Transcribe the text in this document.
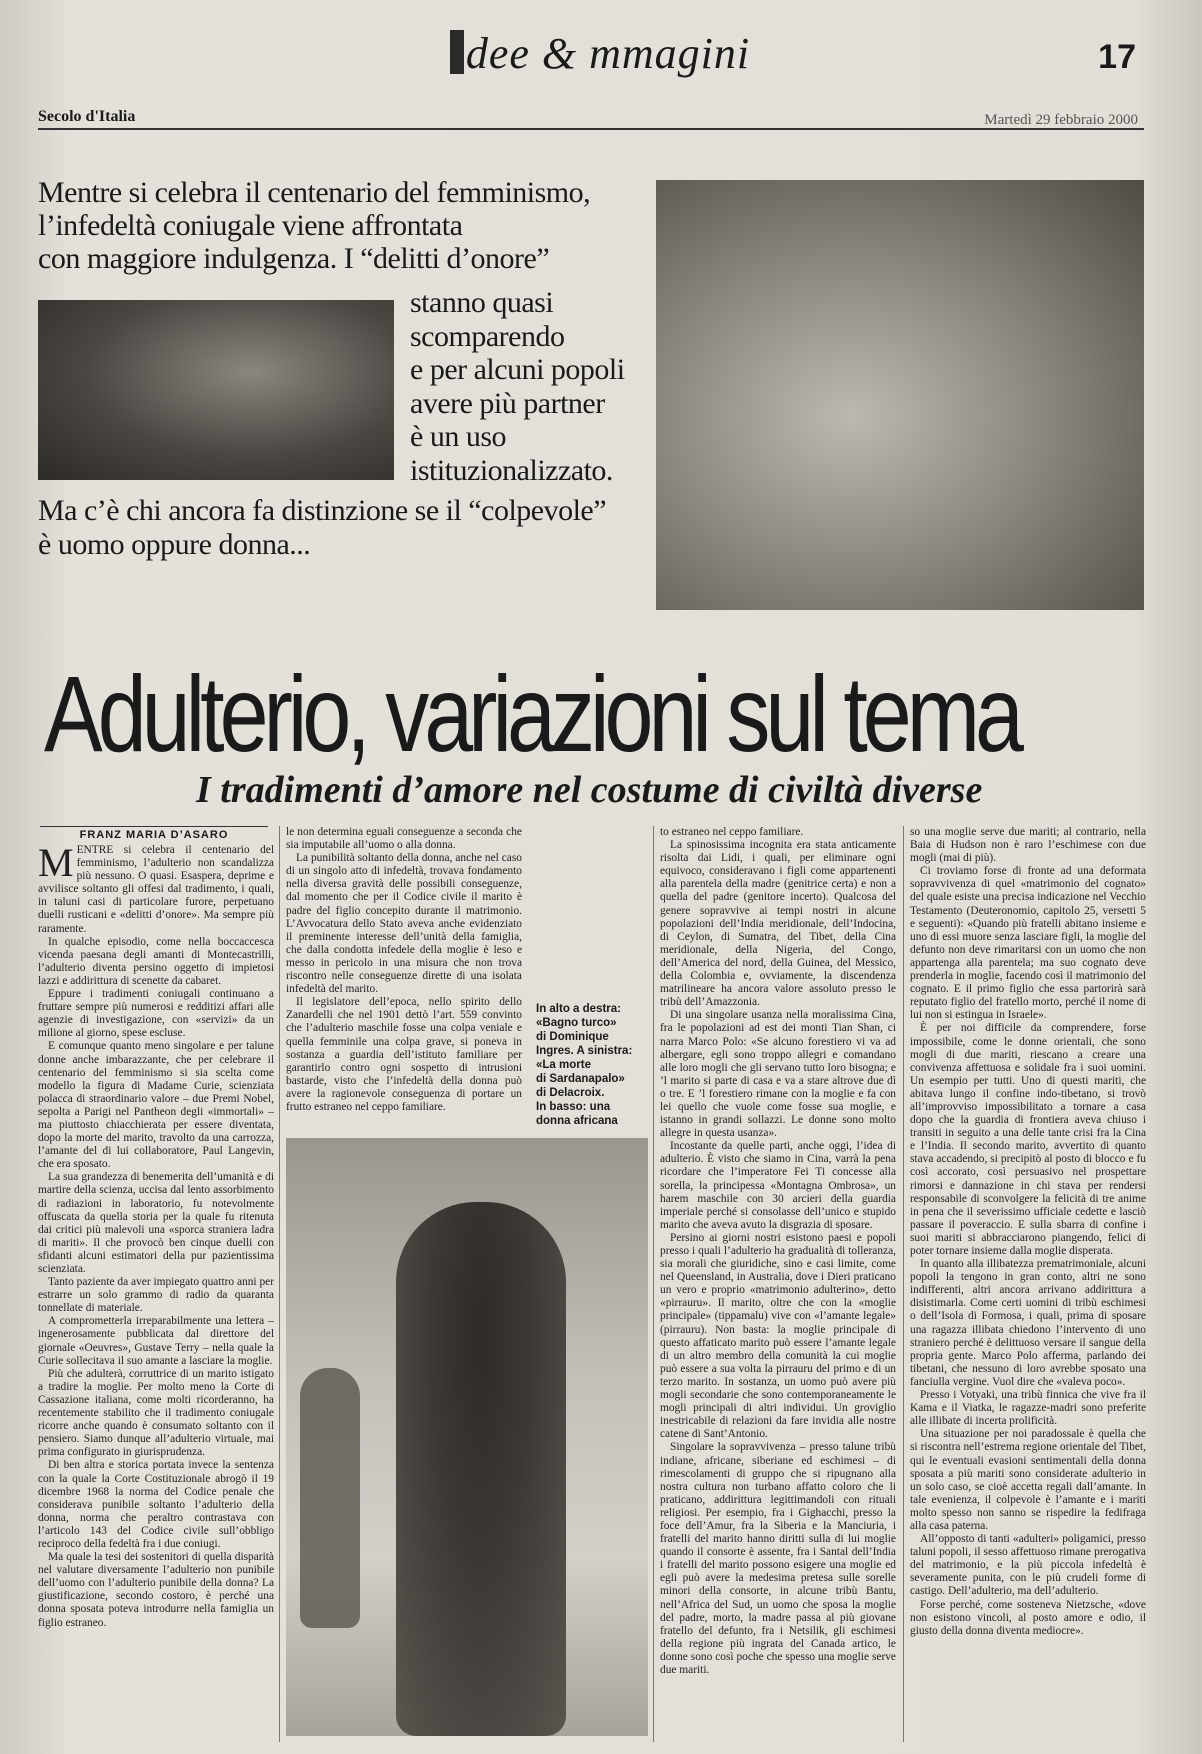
dee & mmagini	17
Secolo d'Italia	Martedì 29 febbraio 2000
Mentre si celebra il centenario del femminismo,
l’infedeltà coniugale viene affrontata
con maggiore indulgenza. I “delitti d’onore”
stanno quasi
scomparendo
e per alcuni popoli
avere più partner
è un uso
istituzionalizzato.
Ma c’è chi ancora fa distinzione se il “colpevole”
è uomo oppure donna...
Adulterio, variazioni sul tema
I tradimenti d’amore nel costume di civiltà diverse
FRANZ MARIA D’ASARO

MENTRE si celebra il centenario del femminismo, l’adulterio non scandalizza più nessuno. O quasi. Esaspera, deprime e avvilisce soltanto gli offesi dal tradimento, i quali, in taluni casi di particolare furore, perpetuano duelli rusticani e «delitti d’onore». Ma sempre più raramente.

In qualche episodio, come nella boccaccesca vicenda paesana degli amanti di Montecastrilli, l’adulterio diventa persino oggetto di impietosi lazzi e addirittura di scenette da cabaret.

Eppure i tradimenti coniugali continuano a fruttare sempre più numerosi e redditizi affari alle agenzie di investigazione, con «servizi» da un milione al giorno, spese escluse.

E comunque quanto meno singolare e per talune donne anche imbarazzante, che per celebrare il centenario del femminismo si sia scelta come modello la figura di Madame Curie, scienziata polacca di straordinario valore – due Premi Nobel, sepolta a Parigi nel Pantheon degli «immortali» – ma piuttosto chiacchierata per essere diventata, dopo la morte del marito, travolto da una carrozza, l’amante del di lui collaboratore, Paul Langevin, che era sposato.

La sua grandezza di benemerita dell’umanità e di martire della scienza, uccisa dal lento assorbimento di radiazioni in laboratorio, fu notevolmente offuscata da quella storia per la quale fu ritenuta dai critici più malevoli una «sporca straniera ladra di mariti». Il che provocò ben cinque duelli con sfidanti alcuni estimatori della pur pazientissima scienziata.

Tanto paziente da aver impiegato quattro anni per estrarre un solo grammo di radio da quaranta tonnellate di materiale.

A comprometterla irreparabilmente una lettera – ingenerosamente pubblicata dal direttore del giornale «Oeuvres», Gustave Terry – nella quale la Curie sollecitava il suo amante a lasciare la moglie.

Più che adulterà, corruttrice di un marito istigato a tradire la moglie. Per molto meno la Corte di Cassazione italiana, come molti ricorderanno, ha recentemente stabilito che il tradimento coniugale ricorre anche quando è consumato soltanto con il pensiero. Siamo dunque all’adulterio virtuale, mai prima configurato in giurisprudenza.

Di ben altra e storica portata invece la sentenza con la quale la Corte Costituzionale abrogò il 19 dicembre 1968 la norma del Codice penale che considerava punibile soltanto l’adulterio della donna, norma che peraltro contrastava con l’articolo 143 del Codice civile sull’obbligo reciproco della fedeltà fra i due coniugi.

Ma quale la tesi dei sostenitori di quella disparità nel valutare diversamente l’adulterio non punibile dell’uomo con l’adulterio punibile della donna? La giustificazione, secondo costoro, è perché una donna sposata poteva introdurre nella famiglia un figlio estraneo.

le non determina eguali conseguenze a seconda che sia imputabile all’uomo o alla donna.

La punibilità soltanto della donna, anche nel caso di un singolo atto di infedeltà, trovava fondamento nella diversa gravità delle possibili conseguenze, dal momento che per il Codice civile il marito è padre del figlio concepito durante il matrimonio. L’Avvocatura dello Stato aveva anche evidenziato il preminente interesse dell’unità della famiglia, che dalla condotta infedele della moglie è leso e messo in pericolo in una misura che non trova riscontro nelle conseguenze dirette di una isolata infedeltà del marito.

Il legislatore dell’epoca, nello spirito dello Zanardelli che nel 1901 dettò l’art. 559 convinto che l’adulterio maschile fosse una colpa veniale e quella femminile una colpa grave, si poneva in sostanza a guardia dell’istituto familiare per garantirlo contro ogni sospetto di intrusioni bastarde, visto che l’infedeltà della donna può avere la ragionevole conseguenza di portare un frutto estraneo nel ceppo familiare.

In alto a destra:
«Bagno turco»
di Dominique
Ingres. A sinistra:
«La morte
di Sardanapalo»
di Delacroix.
In basso: una
donna africana

to estraneo nel ceppo familiare.

La spinosissima incognita era stata anticamente risolta dai Lidi, i quali, per eliminare ogni equivoco, consideravano i figli come appartenenti alla parentela della madre (genitrice certa) e non a quella del padre (genitore incerto). Qualcosa del genere sopravvive ai tempi nostri in alcune popolazioni dell’India meridionale, dell’Indocina, di Ceylon, di Sumatra, del Tibet, della Cina meridionale, della Nigeria, del Congo, dell’America del nord, della Guinea, del Messico, della Colombia e, ovviamente, la discendenza matrilineare ha ancora valore assoluto presso le tribù dell’Amazzonia.

Di una singolare usanza nella moralissima Cina, fra le popolazioni ad est dei monti Tian Shan, ci narra Marco Polo: «Se alcuno forestiero vi va ad albergare, egli sono troppo allegri e comandano alle loro mogli che gli servano tutto loro bisogna; e ’l marito si parte di casa e va a stare altrove due dì o tre. E ’l forestiero rimane con la moglie e fa con lei quello che vuole come fosse sua moglie, e istanno in grandi sollazzi. Le donne sono molto allegre in questa usanza».

Incostante da quelle parti, anche oggi, l’idea di adulterio. È visto che siamo in Cina, varrà la pena ricordare che l’imperatore Fei Ti concesse alla sorella, la principessa «Montagna Ombrosa», un harem maschile con 30 arcieri della guardia imperiale perché si consolasse dell’unico e stupido marito che aveva avuto la disgrazia di sposare.

Persino ai giorni nostri esistono paesi e popoli presso i quali l’adulterio ha gradualità di tolleranza, sia morali che giuridiche, sino e casi limite, come nel Queensland, in Australia, dove i Dieri praticano un vero e proprio «matrimonio adulterino», detto «pirrauru». Il marito, oltre che con la «moglie principale» (tippamalu) vive con «l’amante legale» (pirrauru). Non basta: la moglie principale di questo affaticato marito può essere l’amante legale di un altro membro della comunità la cui moglie può essere a sua volta la pirrauru del primo e di un terzo marito. In sostanza, un uomo può avere più mogli secondarie che sono contemporaneamente le mogli principali di altri individui. Un groviglio inestricabile di relazioni da fare invidia alle nostre catene di Sant’Antonio.

Singolare la sopravvivenza – presso talune tribù indiane, africane, siberiane ed eschimesi – di rimescolamenti di gruppo che si ripugnano alla nostra cultura non turbano affatto coloro che li praticano, addirittura legittimandoli con rituali religiosi. Per esempio, fra i Gighacchi, presso la foce dell’Amur, fra la Siberia e la Manciuria, i fratelli del marito hanno diritti sulla di lui moglie quando il consorte è assente, fra i Santal dell’India i fratelli del marito possono esigere una moglie ed egli può avere la medesima pretesa sulle sorelle minori della consorte, in alcune tribù Bantu, nell’Africa del Sud, un uomo che sposa la moglie del padre, morto, la madre passa al più giovane fratello del defunto, fra i Netsilik, gli eschimesi della regione più ingrata del Canada artico, le donne sono così poche che spesso una moglie serve due mariti.

so una moglie serve due mariti; al contrario, nella Baia di Hudson non è raro l’eschimese con due mogli (mai di più).

Ci troviamo forse di fronte ad una deformata sopravvivenza di quel «matrimonio del cognato» del quale esiste una precisa indicazione nel Vecchio Testamento (Deuteronomio, capitolo 25, versetti 5 e seguenti): «Quando più fratelli abitano insieme e uno di essi muore senza lasciare figli, la moglie del defunto non deve rimaritarsi con un uomo che non appartenga alla parentela; ma suo cognato deve prenderla in moglie, facendo così il matrimonio del cognato. E il primo figlio che essa partorirà sarà reputato figlio del fratello morto, perché il nome di lui non si estingua in Israele».

È per noi difficile da comprendere, forse impossibile, come le donne orientali, che sono mogli di due mariti, riescano a creare una convivenza affettuosa e solidale fra i suoi uomini. Un esempio per tutti. Uno di questi mariti, che abitava lungo il confine indo-tibetano, si trovò all’improvviso impossibilitato a tornare a casa dopo che la guardia di frontiera aveva chiuso i transiti in seguito a una delle tante crisi fra la Cina e l’India. Il secondo marito, avvertito di quanto stava accadendo, si precipitò al posto di blocco e fu così accorato, così persuasivo nel prospettare rimorsi e dannazione in chi stava per rendersi responsabile di sconvolgere la felicità di tre anime in pena che il severissimo ufficiale cedette e lasciò passare il poveraccio. E sulla sbarra di confine i suoi mariti si abbracciarono piangendo, felici di poter tornare insieme dalla moglie disperata.

In quanto alla illibatezza prematrimoniale, alcuni popoli la tengono in gran conto, altri ne sono indifferenti, altri ancora arrivano addirittura a disistimarla. Come certi uomini di tribù eschimesi o dell’Isola di Formosa, i quali, prima di sposare una ragazza illibata chiedono l’intervento di uno straniero perché è delittuoso versare il sangue della propria gente. Marco Polo afferma, parlando dei tibetani, che nessuno di loro avrebbe sposato una fanciulla vergine. Vuol dire che «valeva poco».

Presso i Votyaki, una tribù finnica che vive fra il Kama e il Viatka, le ragazze-madri sono preferite alle illibate di incerta prolificità.

Una situazione per noi paradossale è quella che si riscontra nell’estrema regione orientale del Tibet, qui le eventuali evasioni sentimentali della donna sposata a più mariti sono considerate adulterio in un solo caso, se cioè accetta regali dall’amante. In tale evenienza, il colpevole è l’amante e i mariti molto spesso non sanno se rispedire la fedifraga alla casa paterna.

All’opposto di tanti «adulteri» poligamici, presso taluni popoli, il sesso affettuoso rimane prerogativa del matrimonio, e la più piccola infedeltà è severamente punita, con le più crudeli forme di castigo. Dell’adulterio, ma dell’adulterio.

Forse perché, come sosteneva Nietzsche, «dove non esistono vincoli, al posto amore e odio, il giusto della donna diventa mediocre».
